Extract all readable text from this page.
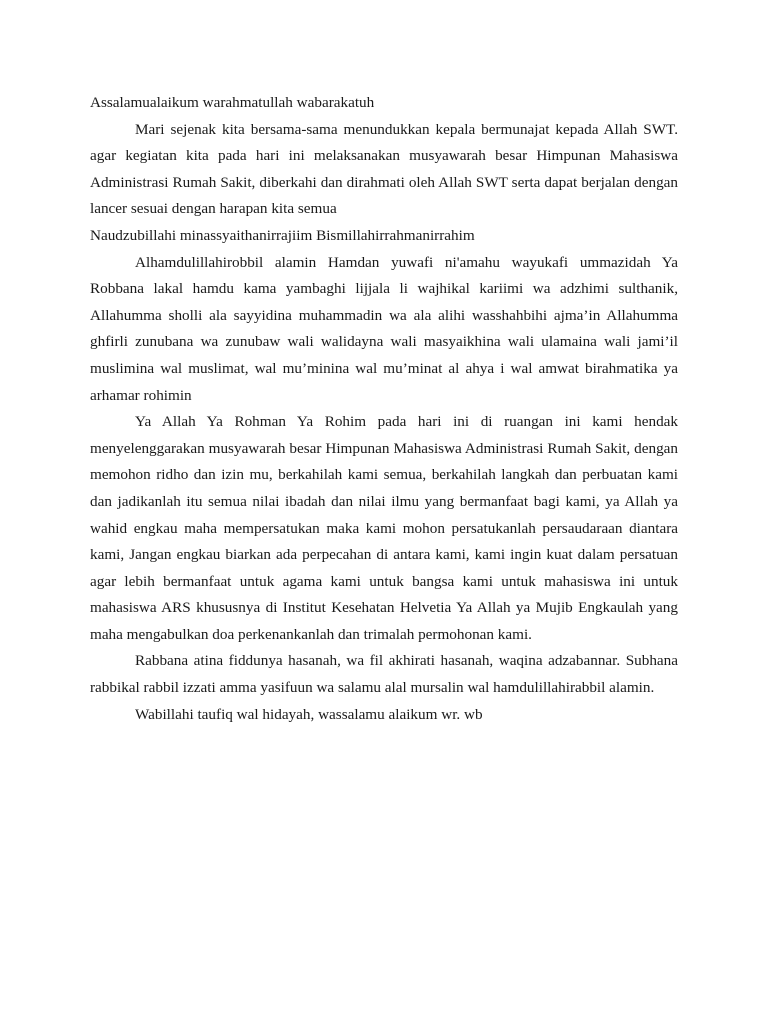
Assalamualaikum warahmatullah wabarakatuh

Mari sejenak kita bersama-sama menundukkan kepala bermunajat kepada Allah SWT. agar kegiatan kita pada hari ini melaksanakan musyawarah besar Himpunan Mahasiswa Administrasi Rumah Sakit, diberkahi dan dirahmati oleh Allah SWT serta dapat berjalan dengan lancer sesuai dengan harapan kita semua

Naudzubillahi minassyaithanirrajiim Bismillahirrahmanirrahim

Alhamdulillahirobbil alamin Hamdan yuwafi ni'amahu wayukafi ummazidah Ya Robbana lakal hamdu kama yambaghi lijjala li wajhikal kariimi wa adzhimi sulthanik, Allahumma sholli ala sayyidina muhammadin wa ala alihi wasshahbihi ajma’in Allahumma ghfirli zunubana wa zunubaw wali walidayna wali masyaikhina wali ulamaina wali jami’il muslimina wal muslimat, wal mu’minina wal mu’minat al ahya i wal amwat birahmatika ya arhamar rohimin

Ya Allah Ya Rohman Ya Rohim pada hari ini di ruangan ini kami hendak menyelenggarakan musyawarah besar Himpunan Mahasiswa Administrasi Rumah Sakit, dengan memohon ridho dan izin mu, berkahilah kami semua, berkahilah langkah dan perbuatan kami dan jadikanlah itu semua nilai ibadah dan nilai ilmu yang bermanfaat bagi kami, ya Allah ya wahid engkau maha mempersatukan maka kami mohon persatukanlah persaudaraan diantara kami, Jangan engkau biarkan ada perpecahan di antara kami, kami ingin kuat dalam persatuan agar lebih bermanfaat untuk agama kami untuk bangsa kami untuk mahasiswa ini untuk mahasiswa ARS khususnya di Institut Kesehatan Helvetia Ya Allah ya Mujib Engkaulah yang maha mengabulkan doa perkenankanlah dan trimalah permohonan kami.

Rabbana atina fiddunya hasanah, wa fil akhirati hasanah, waqina adzabannar. Subhana rabbikal rabbil izzati amma yasifuun wa salamu alal mursalin wal hamdulillahirabbil alamin.

Wabillahi taufiq wal hidayah, wassalamu alaikum wr. wb
